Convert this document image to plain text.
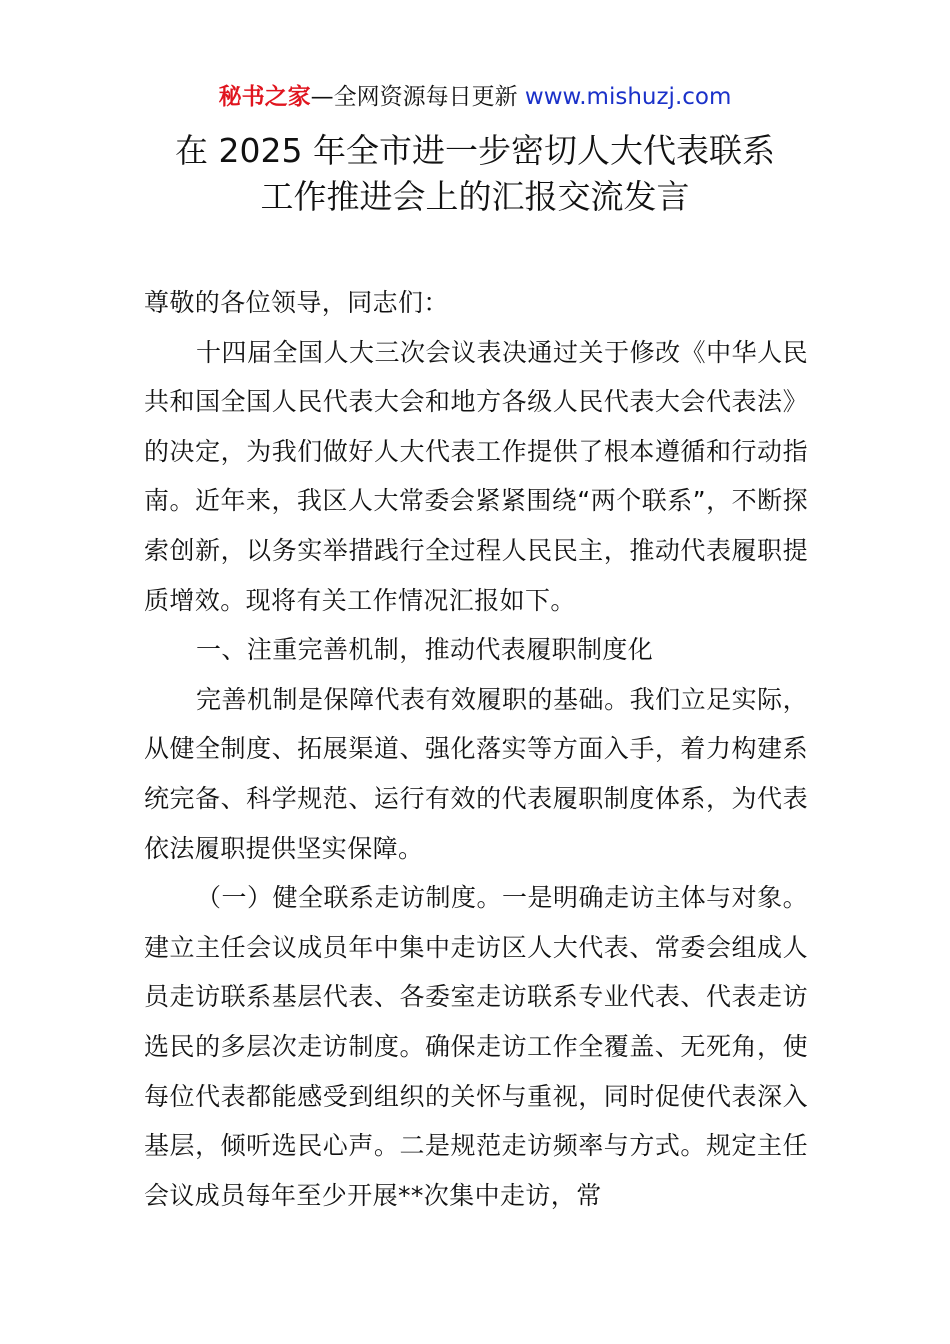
秘书之家—全网资源每日更新 www.mishuzj.com
在 2025 年全市进一步密切人大代表联系
工作推进会上的汇报交流发言

尊敬的各位领导，同志们：

十四届全国人大三次会议表决通过关于修改《中华人民共和国全国人民代表大会和地方各级人民代表大会代表法》的决定，为我们做好人大代表工作提供了根本遵循和行动指南。近年来，我区人大常委会紧紧围绕“两个联系”，不断探索创新，以务实举措践行全过程人民民主，推动代表履职提质增效。现将有关工作情况汇报如下。

一、注重完善机制，推动代表履职制度化

完善机制是保障代表有效履职的基础。我们立足实际，从健全制度、拓展渠道、强化落实等方面入手，着力构建系统完备、科学规范、运行有效的代表履职制度体系，为代表依法履职提供坚实保障。

（一）健全联系走访制度。一是明确走访主体与对象。建立主任会议成员年中集中走访区人大代表、常委会组成人员走访联系基层代表、各委室走访联系专业代表、代表走访选民的多层次走访制度。确保走访工作全覆盖、无死角，使每位代表都能感受到组织的关怀与重视，同时促使代表深入基层，倾听选民心声。二是规范走访频率与方式。规定主任会议成员每年至少开展**次集中走访，常
